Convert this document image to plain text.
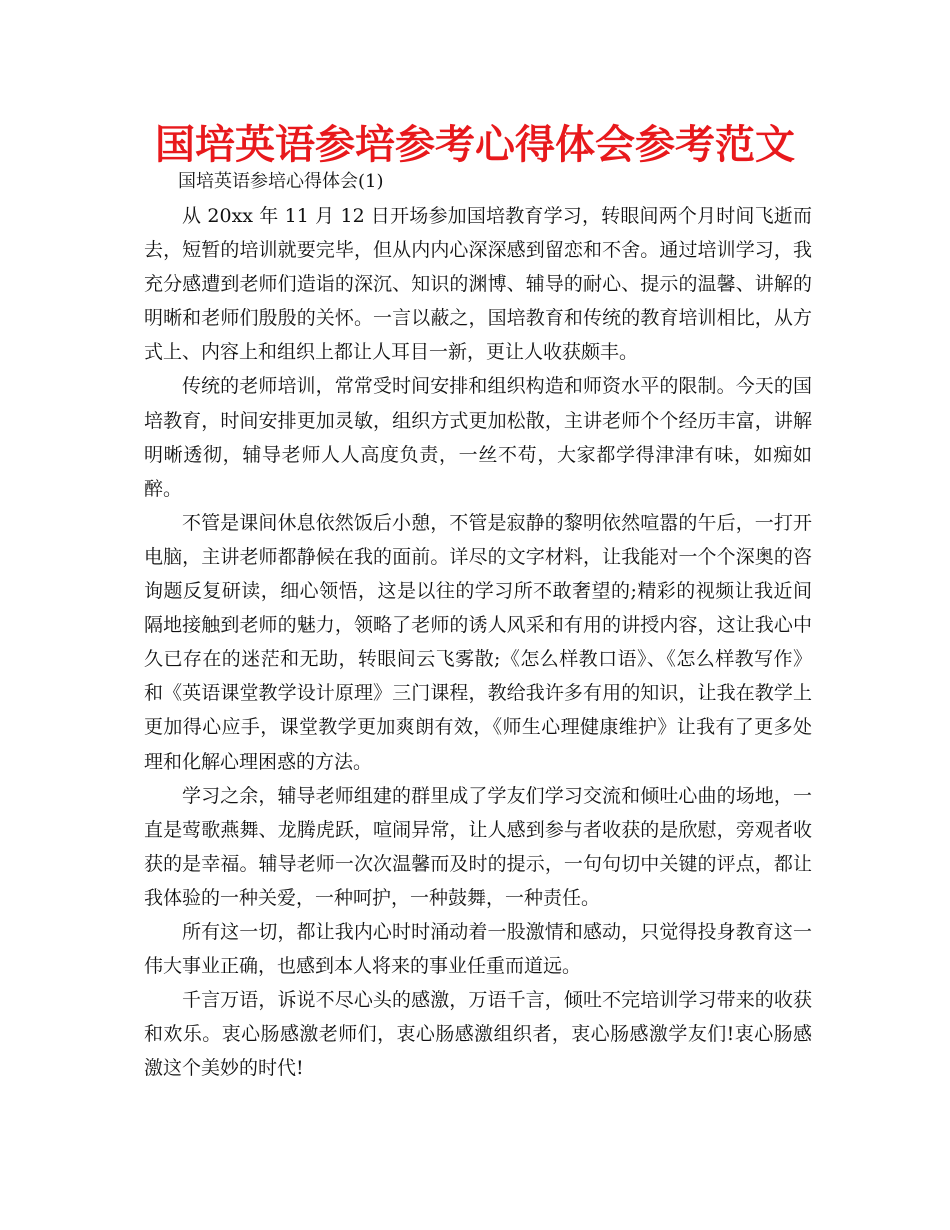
国培英语参培参考心得体会参考范文
国培英语参培心得体会(1)

从 20xx 年 11 月 12 日开场参加国培教育学习，转眼间两个月时间飞逝而去，短暂的培训就要完毕，但从内内心深深感到留恋和不舍。通过培训学习，我充分感遭到老师们造诣的深沉、知识的渊博、辅导的耐心、提示的温馨、讲解的明晰和老师们殷殷的关怀。一言以蔽之，国培教育和传统的教育培训相比，从方式上、内容上和组织上都让人耳目一新，更让人收获颇丰。

传统的老师培训，常常受时间安排和组织构造和师资水平的限制。今天的国培教育，时间安排更加灵敏，组织方式更加松散，主讲老师个个经历丰富，讲解明晰透彻，辅导老师人人高度负责，一丝不苟，大家都学得津津有味，如痴如醉。

不管是课间休息依然饭后小憩，不管是寂静的黎明依然喧嚣的午后，一打开电脑，主讲老师都静候在我的面前。详尽的文字材料，让我能对一个个深奥的咨询题反复研读，细心领悟，这是以往的学习所不敢奢望的;精彩的视频让我近间隔地接触到老师的魅力，领略了老师的诱人风采和有用的讲授内容，这让我心中久已存在的迷茫和无助，转眼间云飞雾散;《怎么样教口语》、《怎么样教写作》和《英语课堂教学设计原理》三门课程，教给我许多有用的知识，让我在教学上更加得心应手，课堂教学更加爽朗有效，《师生心理健康维护》让我有了更多处理和化解心理困惑的方法。

学习之余，辅导老师组建的群里成了学友们学习交流和倾吐心曲的场地，一直是莺歌燕舞、龙腾虎跃，喧闹异常，让人感到参与者收获的是欣慰，旁观者收获的是幸福。辅导老师一次次温馨而及时的提示，一句句切中关键的评点，都让我体验的一种关爱，一种呵护，一种鼓舞，一种责任。

所有这一切，都让我内心时时涌动着一股激情和感动，只觉得投身教育这一伟大事业正确，也感到本人将来的事业任重而道远。

千言万语，诉说不尽心头的感激，万语千言，倾吐不完培训学习带来的收获和欢乐。衷心肠感激老师们，衷心肠感激组织者，衷心肠感激学友们!衷心肠感激这个美妙的时代!
